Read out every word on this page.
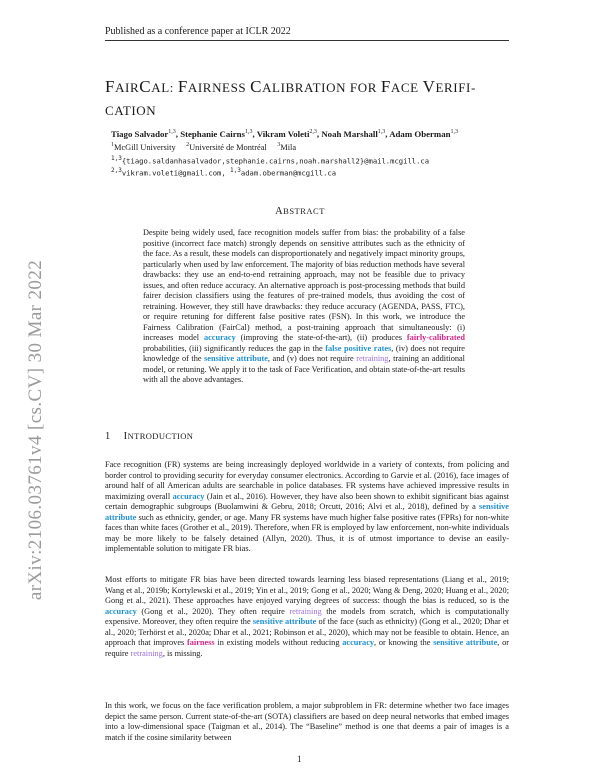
Published as a conference paper at ICLR 2022
FAIRCAL: FAIRNESS CALIBRATION FOR FACE VERIFI-
CATION
Tiago Salvador$^{1,3}$, Stephanie Cairns$^{1,3}$, Vikram Voleti$^{2,3}$, Noah Marshall$^{1,3}$, Adam Oberman$^{1,3}$
$^1$McGill University $^2$Université de Montréal $^3$Mila
$^{1,3}${tiago.saldanhasalvador,stephanie.cairns,noah.marshall2}@mail.mcgill.ca
$^{2,3}$vikram.voleti@gmail.com, $^{1,3}$adam.oberman@mcgill.ca
ABSTRACT
Despite being widely used, face recognition models suffer from bias: the probability of a false positive (incorrect face match) strongly depends on sensitive attributes such as the ethnicity of the face. As a result, these models can disproportionately and negatively impact minority groups, particularly when used by law enforcement. The majority of bias reduction methods have several drawbacks: they use an end-to-end retraining approach, may not be feasible due to privacy issues, and often reduce accuracy. An alternative approach is post-processing methods that build fairer decision classifiers using the features of pre-trained models, thus avoiding the cost of retraining. However, they still have drawbacks: they reduce accuracy (AGENDA, PASS, FTC), or require retuning for different false positive rates (FSN). In this work, we introduce the Fairness Calibration (FairCal) method, a post-training approach that simultaneously: (i) increases model accuracy (improving the state-of-the-art), (ii) produces fairly-calibrated probabilities, (iii) significantly reduces the gap in the false positive rates, (iv) does not require knowledge of the sensitive attribute, and (v) does not require retraining, training an additional model, or retuning. We apply it to the task of Face Verification, and obtain state-of-the-art results with all the above advantages.
1 INTRODUCTION
Face recognition (FR) systems are being increasingly deployed worldwide in a variety of contexts, from policing and border control to providing security for everyday consumer electronics. According to Garvie et al. (2016), face images of around half of all American adults are searchable in police databases. FR systems have achieved impressive results in maximizing overall accuracy (Jain et al., 2016). However, they have also been shown to exhibit significant bias against certain demographic subgroups (Buolamwini & Gebru, 2018; Orcutt, 2016; Alvi et al., 2018), defined by a sensitive attribute such as ethnicity, gender, or age. Many FR systems have much higher false positive rates (FPRs) for non-white faces than white faces (Grother et al., 2019). Therefore, when FR is employed by law enforcement, non-white individuals may be more likely to be falsely detained (Allyn, 2020). Thus, it is of utmost importance to devise an easily-implementable solution to mitigate FR bias.
Most efforts to mitigate FR bias have been directed towards learning less biased representations (Liang et al., 2019; Wang et al., 2019b; Kortylewski et al., 2019; Yin et al., 2019; Gong et al., 2020; Wang & Deng, 2020; Huang et al., 2020; Gong et al., 2021). These approaches have enjoyed varying degrees of success: though the bias is reduced, so is the accuracy (Gong et al., 2020). They often require retraining the models from scratch, which is computationally expensive. Moreover, they often require the sensitive attribute of the face (such as ethnicity) (Gong et al., 2020; Dhar et al., 2020; Terhörst et al., 2020a; Dhar et al., 2021; Robinson et al., 2020), which may not be feasible to obtain. Hence, an approach that improves fairness in existing models without reducing accuracy, or knowing the sensitive attribute, or require retraining, is missing.
In this work, we focus on the face verification problem, a major subproblem in FR: determine whether two face images depict the same person. Current state-of-the-art (SOTA) classifiers are based on deep neural networks that embed images into a low-dimensional space (Taigman et al., 2014). The “Baseline” method is one that deems a pair of images is a match if the cosine similarity between
1
arXiv:2106.03761v4 [cs.CV] 30 Mar 2022
